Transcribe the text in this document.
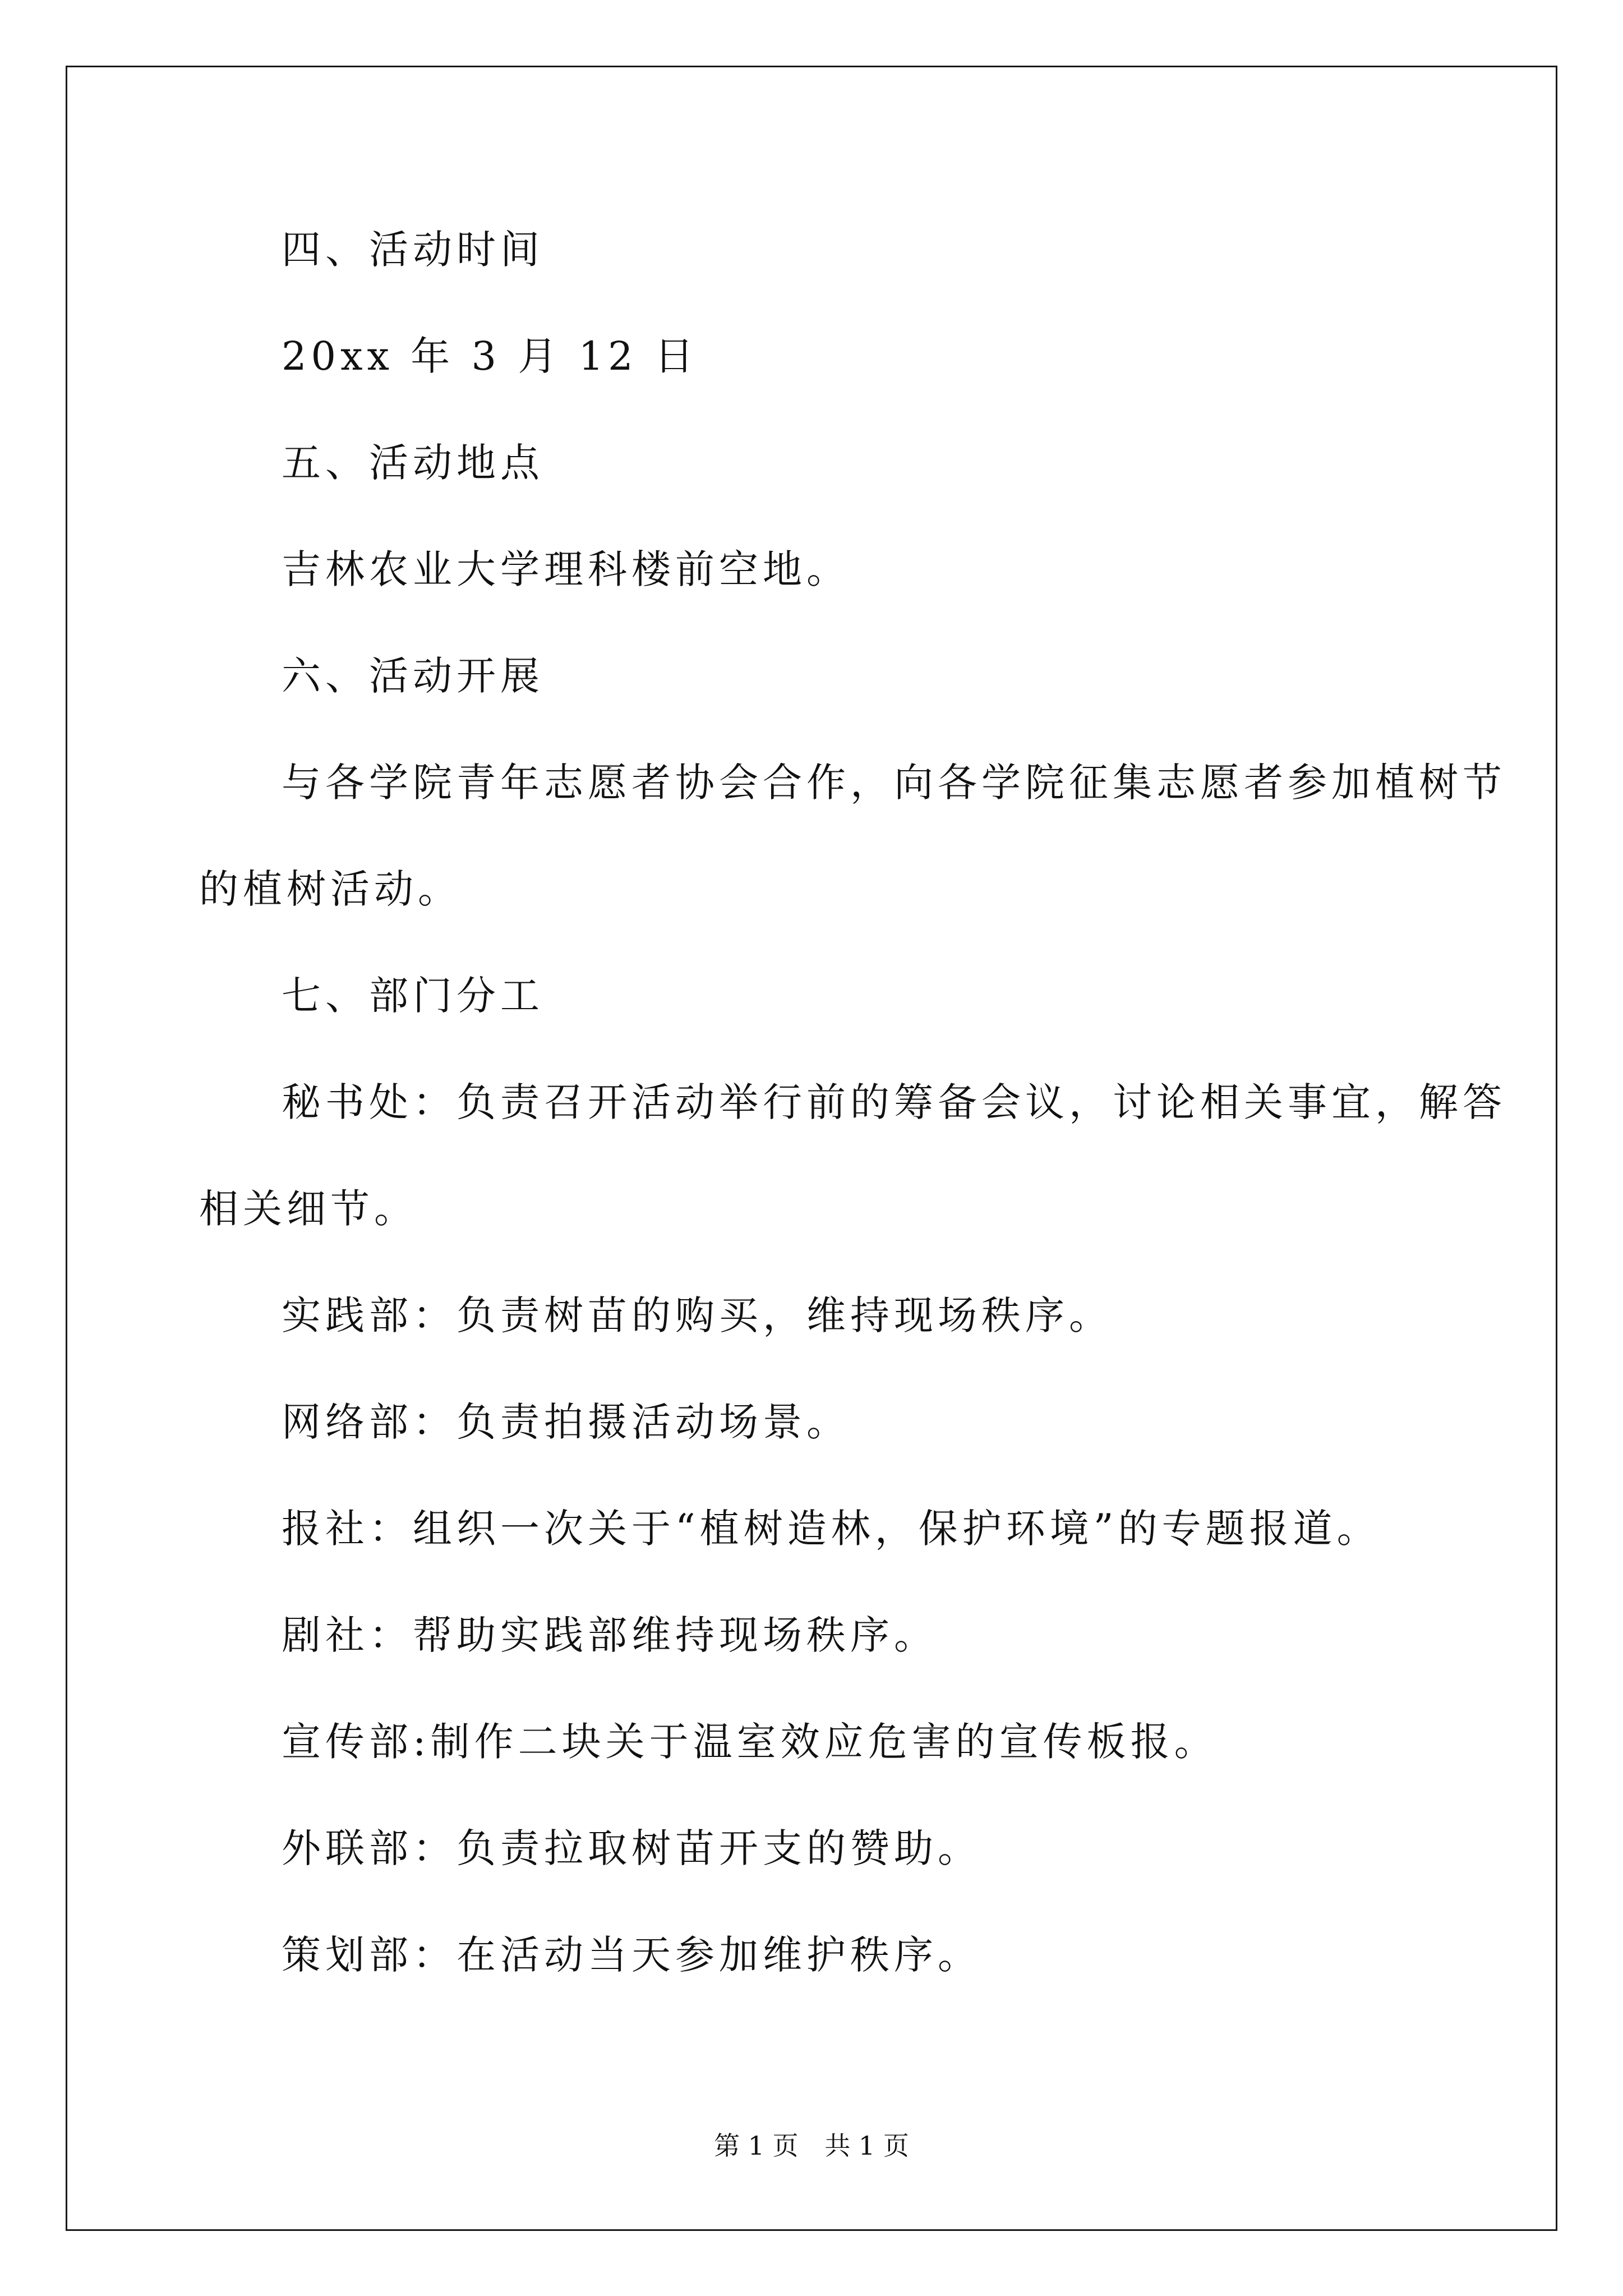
四、活动时间
20xx 年 3 月 12 日
五、活动地点
吉林农业大学理科楼前空地。
六、活动开展
与各学院青年志愿者协会合作，向各学院征集志愿者参加植树节
的植树活动。
七、部门分工
秘书处：负责召开活动举行前的筹备会议，讨论相关事宜，解答
相关细节。
实践部：负责树苗的购买，维持现场秩序。
网络部：负责拍摄活动场景。
报社：组织一次关于“植树造林，保护环境”的专题报道。
剧社：帮助实践部维持现场秩序。
宣传部:制作二块关于温室效应危害的宣传板报。
外联部：负责拉取树苗开支的赞助。
策划部：在活动当天参加维护秩序。
第 1 页 共 1 页
